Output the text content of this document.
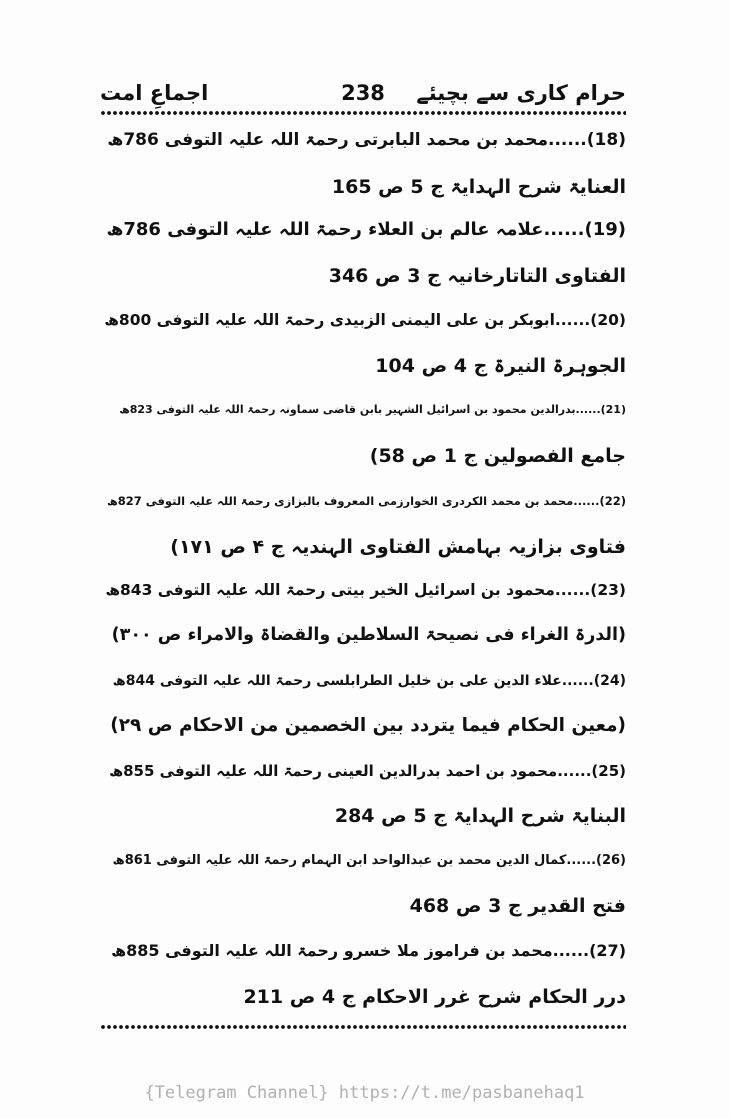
حرام کاری سے بچیئے
238
اجماعِ امت
(18)......محمد بن محمد البابرتی رحمۃ اللہ علیہ التوفی 786ھ
العنایۃ شرح الہدایۃ ج 5 ص 165
(19)......علامہ عالم بن العلاء رحمۃ اللہ علیہ التوفی 786ھ
الفتاوی التاتارخانیہ ج 3 ص 346
(20)......ابوبکر بن علی الیمنی الزبیدی رحمۃ اللہ علیہ التوفی 800ھ
الجوہرۃ النیرۃ ج 4 ص 104
(21)......بدرالدین محمود بن اسرائیل الشہیر بابن قاضی سماونہ رحمۃ اللہ علیہ التوفی 823ھ
جامع الفصولین ج 1 ص 58)
(22)......محمد بن محمد الکردری الخوارزمی المعروف بالبزازی رحمۃ اللہ علیہ التوفی 827ھ
فتاوی بزازیہ بہامش الفتاوی الہندیہ ج ۴ ص ۱۷۱)
(23)......محمود بن اسرائیل الخیر بیتی رحمۃ اللہ علیہ التوفی 843ھ
(الدرۃ الغراء فی نصیحۃ السلاطین والقضاۃ والامراء ص ۳۰۰)
(24)......علاء الدین علی بن خلیل الطرابلسی رحمۃ اللہ علیہ التوفی 844ھ
(معین الحکام فیما یتردد بین الخصمین من الاحکام ص ۲۹)
(25)......محمود بن احمد بدرالدین العینی رحمۃ اللہ علیہ التوفی 855ھ
البنایۃ شرح الہدایۃ ج 5 ص 284
(26)......کمال الدین محمد بن عبدالواحد ابن الہمام رحمۃ اللہ علیہ التوفی 861ھ
فتح القدیر ج 3 ص 468
(27)......محمد بن فراموز ملا خسرو رحمۃ اللہ علیہ التوفی 885ھ
درر الحکام شرح غرر الاحکام ج 4 ص 211
{Telegram Channel} https://t.me/pasbanehaq1
